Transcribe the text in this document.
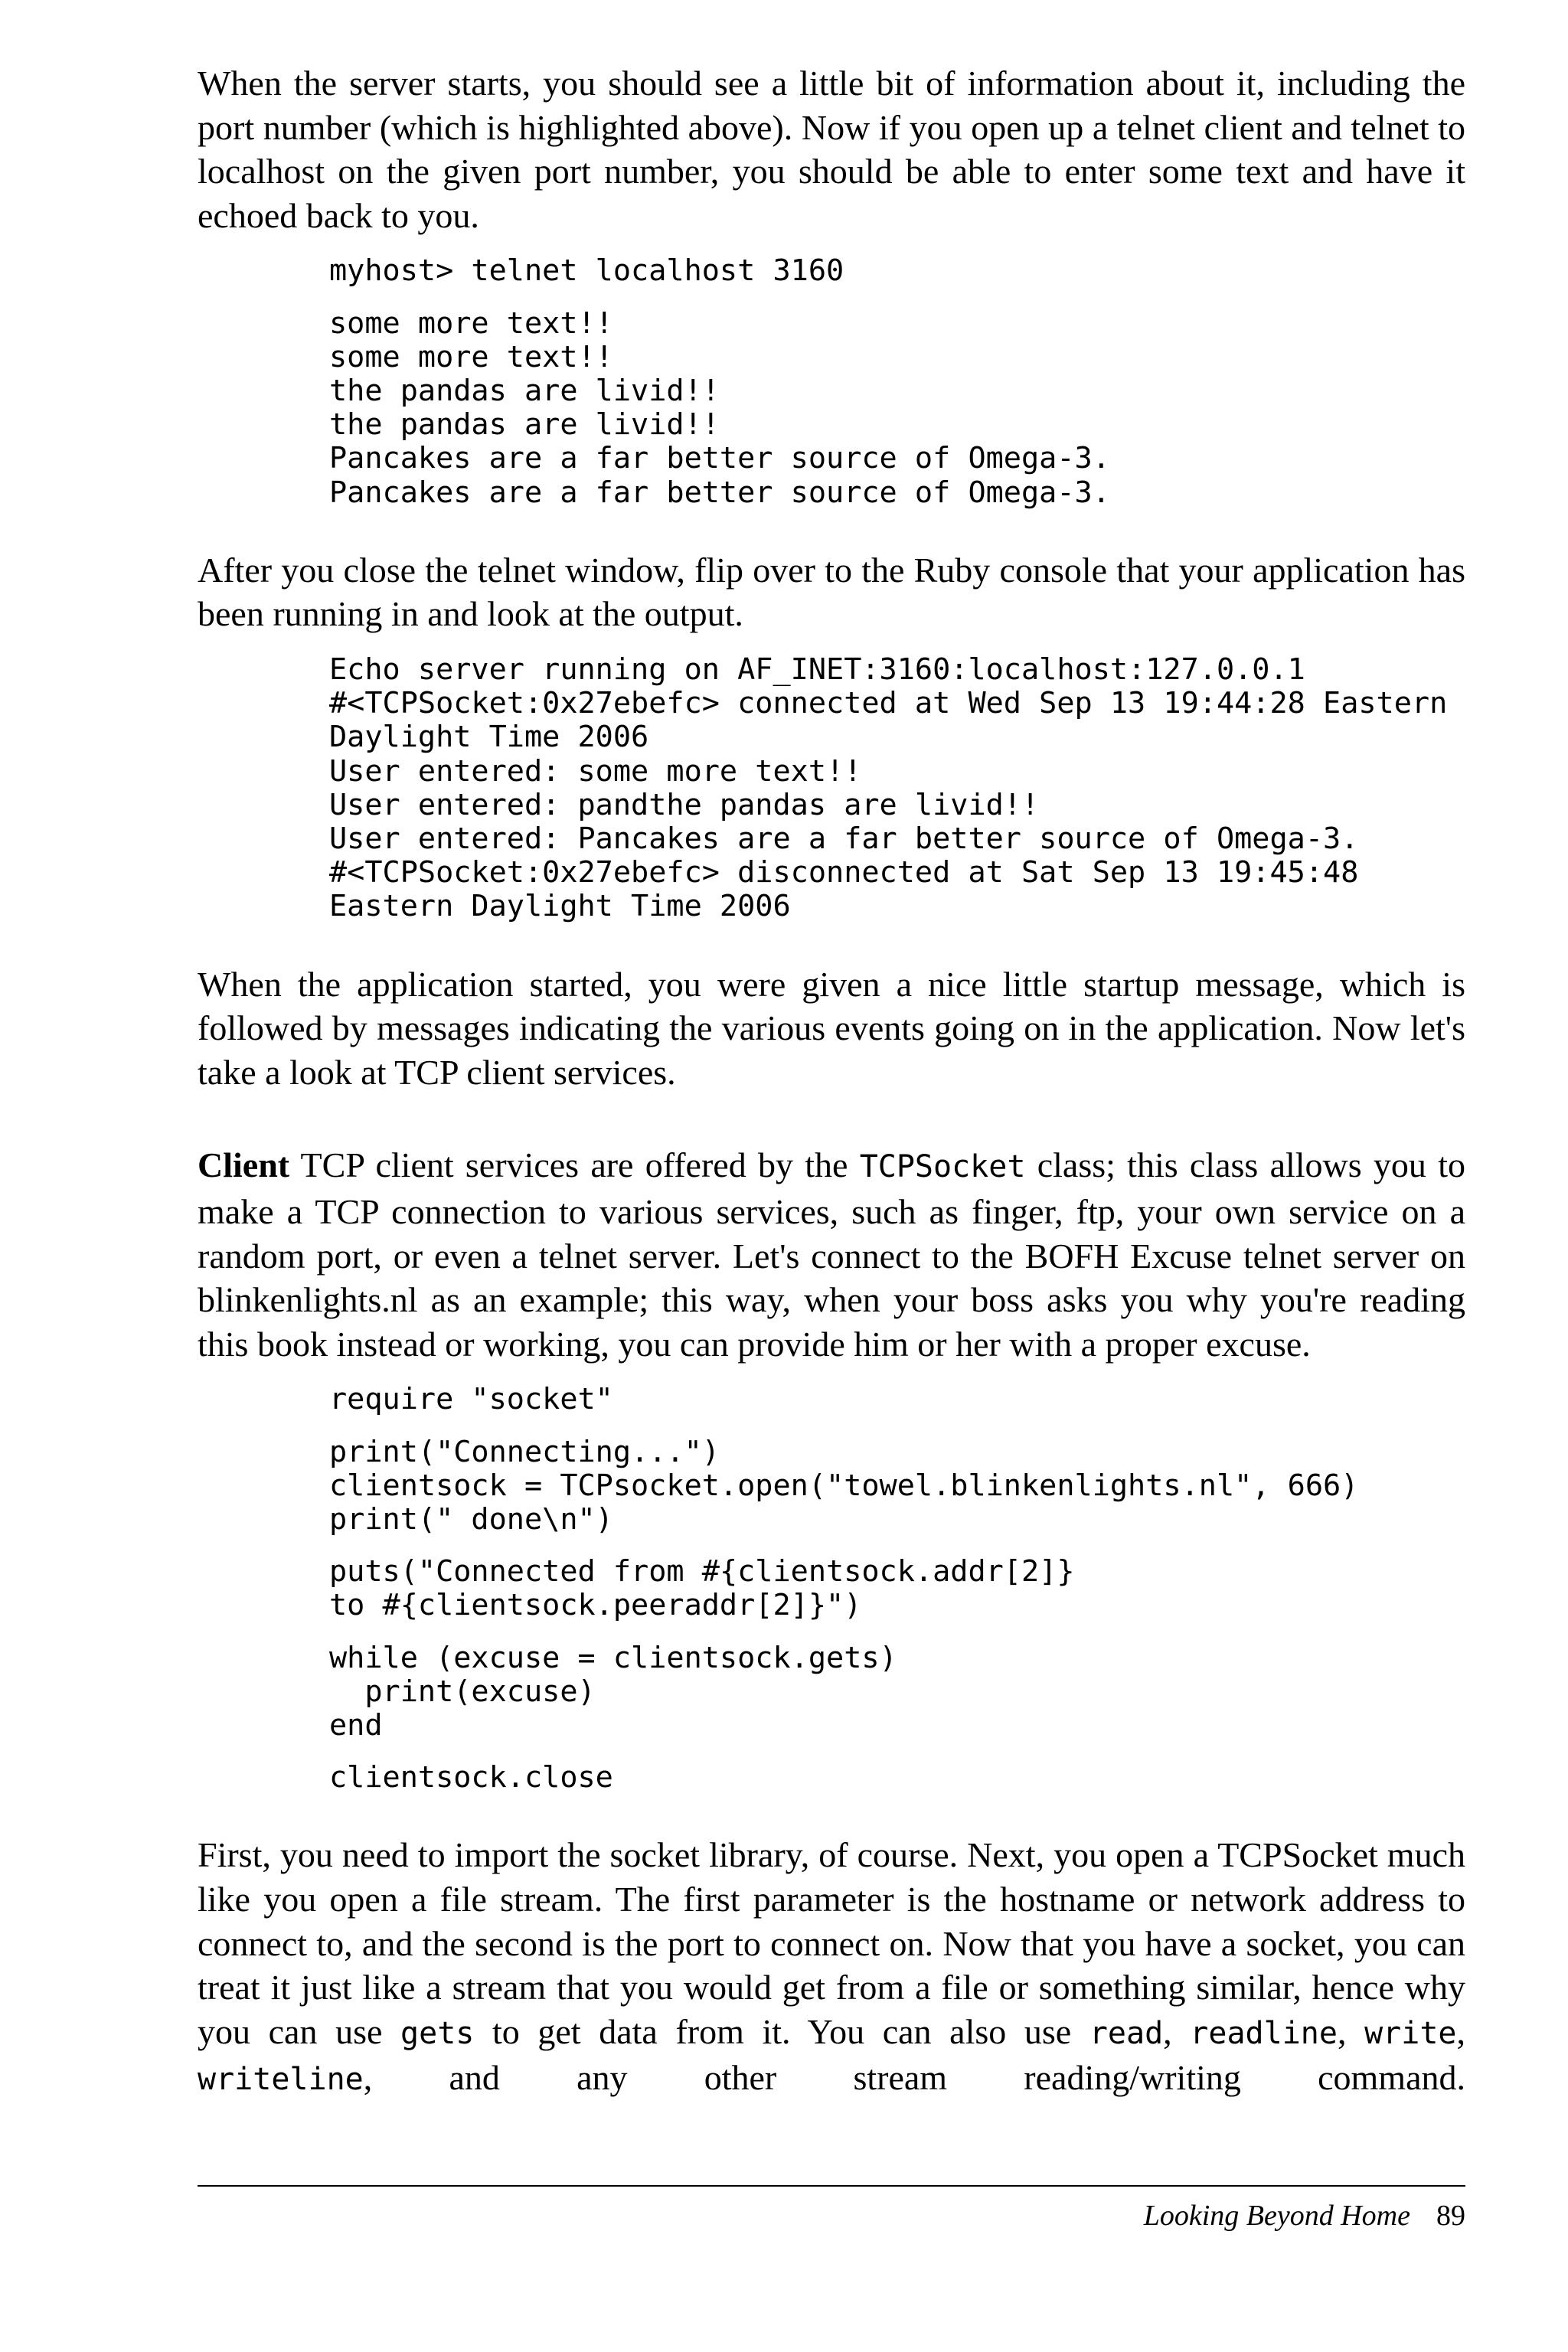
When the server starts, you should see a little bit of information about it, including the port number (which is highlighted above). Now if you open up a telnet client and telnet to localhost on the given port number, you should be able to enter some text and have it echoed back to you.

myhost> telnet localhost 3160
some more text!!
some more text!!
the pandas are livid!!
the pandas are livid!!
Pancakes are a far better source of Omega-3.
Pancakes are a far better source of Omega-3.

After you close the telnet window, flip over to the Ruby console that your application has been running in and look at the output.

Echo server running on AF_INET:3160:localhost:127.0.0.1
#<TCPSocket:0x27ebefc> connected at Wed Sep 13 19:44:28 Eastern
Daylight Time 2006
User entered: some more text!!
User entered: pandthe pandas are livid!!
User entered: Pancakes are a far better source of Omega-3.
#<TCPSocket:0x27ebefc> disconnected at Sat Sep 13 19:45:48
Eastern Daylight Time 2006

When the application started, you were given a nice little startup message, which is followed by messages indicating the various events going on in the application. Now let's take a look at TCP client services.

Client TCP client services are offered by the TCPSocket class; this class allows you to make a TCP connection to various services, such as finger, ftp, your own service on a random port, or even a telnet server. Let's connect to the BOFH Excuse telnet server on blinkenlights.nl as an example; this way, when your boss asks you why you're reading this book instead or working, you can provide him or her with a proper excuse.

require "socket"
print("Connecting...")
clientsock = TCPsocket.open("towel.blinkenlights.nl", 666)
print(" done\n")
puts("Connected from #{clientsock.addr[2]}
to #{clientsock.peeraddr[2]}")
while (excuse = clientsock.gets)
print(excuse)
end
clientsock.close

First, you need to import the socket library, of course. Next, you open a TCPSocket much like you open a file stream. The first parameter is the hostname or network address to connect to, and the second is the port to connect on. Now that you have a socket, you can treat it just like a stream that you would get from a file or something similar, hence why you can use gets to get data from it. You can also use read, readline, write, writeline, and any other stream reading/writing command.

Looking Beyond Home 89
